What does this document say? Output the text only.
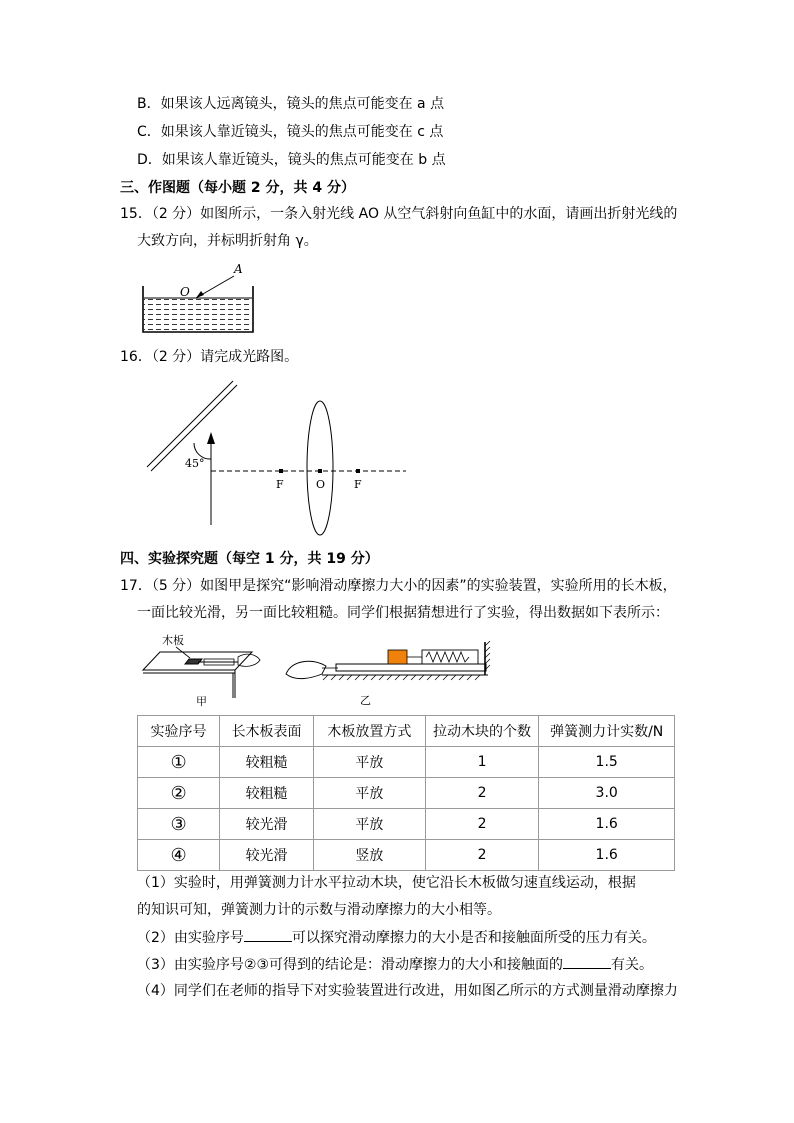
B．如果该人远离镜头，镜头的焦点可能变在 a 点
C．如果该人靠近镜头，镜头的焦点可能变在 c 点
D．如果该人靠近镜头，镜头的焦点可能变在 b 点
三、作图题（每小题 2 分，共 4 分）
15．（2 分）如图所示，一条入射光线 AO 从空气斜射向鱼缸中的水面，请画出折射光线的
大致方向，并标明折射角 γ。
A
O
16．（2 分）请完成光路图。
45°
F	O	F
四、实验探究题（每空 1 分，共 19 分）
17．（5 分）如图甲是探究“影响滑动摩擦力大小的因素”的实验装置，实验所用的长木板，
一面比较光滑，另一面比较粗糙。同学们根据猜想进行了实验，得出数据如下表所示：
木板
甲	乙
实验序号	长木板表面	木板放置方式	拉动木块的个数	弹簧测力计实数/N
①	较粗糙	平放	1	1.5
②	较粗糙	平放	2	3.0
③	较光滑	平放	2	1.6
④	较光滑	竖放	2	1.6
（1）实验时，用弹簧测力计水平拉动木块，使它沿长木板做匀速直线运动，根据
的知识可知，弹簧测力计的示数与滑动摩擦力的大小相等。
（2）由实验序号	可以探究滑动摩擦力的大小是否和接触面所受的压力有关。
（3）由实验序号②③可得到的结论是：滑动摩擦力的大小和接触面的	有关。
（4）同学们在老师的指导下对实验装置进行改进，用如图乙所示的方式测量滑动摩擦力
